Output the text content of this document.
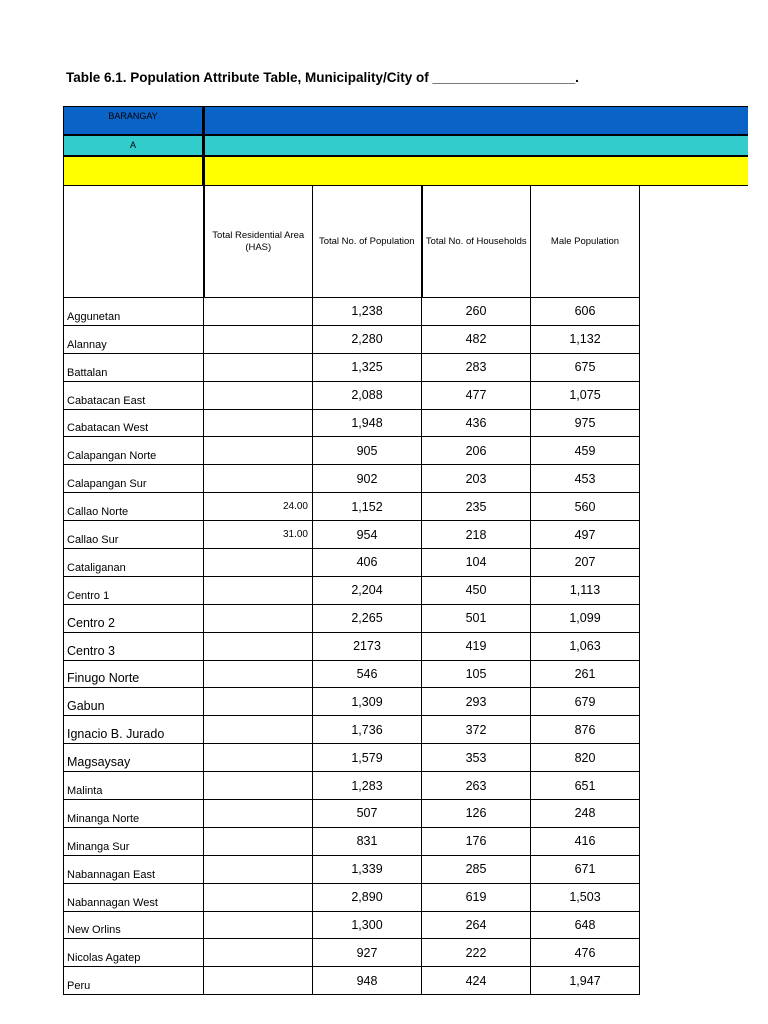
Table 6.1. Population Attribute Table, Municipality/City of ___________________.
BARANGAY
A
	Total Residential Area (HAS)	Total No. of Population	Total No. of Households	Male Population
Aggunetan		1,238	260	606
Alannay		2,280	482	1,132
Battalan		1,325	283	675
Cabatacan East		2,088	477	1,075
Cabatacan West		1,948	436	975
Calapangan Norte		905	206	459
Calapangan Sur		902	203	453
Callao Norte	24.00	1,152	235	560
Callao Sur	31.00	954	218	497
Cataliganan		406	104	207
Centro 1		2,204	450	1,113
Centro 2		2,265	501	1,099
Centro 3		2173	419	1,063
Finugo Norte		546	105	261
Gabun		1,309	293	679
Ignacio B. Jurado		1,736	372	876
Magsaysay		1,579	353	820
Malinta		1,283	263	651
Minanga Norte		507	126	248
Minanga Sur		831	176	416
Nabannagan East		1,339	285	671
Nabannagan West		2,890	619	1,503
New Orlins		1,300	264	648
Nicolas Agatep		927	222	476
Peru		948	424	1,947
